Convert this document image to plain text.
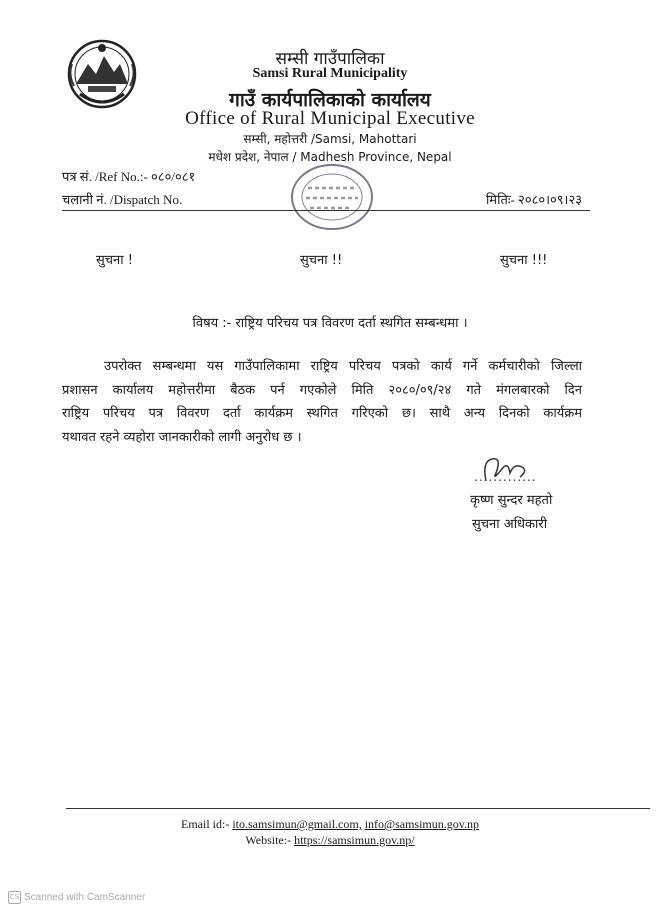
सम्सी गाउँपालिका
Samsi Rural Municipality
गाउँ कार्यपालिकाको कार्यालय
Office of Rural Municipal Executive
सम्सी, महोत्तरी /Samsi, Mahottari
मधेश प्रदेश, नेपाल / Madhesh Province, Nepal
पत्र सं. /Ref No.:- ०८०/०८१
चलानी नं. /Dispatch No.	मितिः- २०८०।०९।२३
सुचना !	सुचना !!	सुचना !!!
विषय :- राष्ट्रिय परिचय पत्र विवरण दर्ता स्थगित सम्बन्धमा ।
उपरोक्त सम्बन्धमा यस गाउँपालिकामा राष्ट्रिय परिचय पत्रको कार्य गर्ने कर्मचारीको जिल्ला
प्रशासन कार्यालय महोत्तरीमा बैठक पर्न गएकोले मिति २०८०/०९/२४ गते मंगलबारको दिन
राष्ट्रिय परिचय पत्र विवरण दर्ता कार्यक्रम स्थगित गरिएको छ। साथै अन्य दिनको कार्यक्रम
यथावत रहने व्यहोरा जानकारीको लागी अनुरोध छ ।
.............
कृष्ण सुन्दर महतो
सुचना अधिकारी
Email id:- ito.samsimun@gmail.com, info@samsimun.gov.np
Website:- https://samsimun.gov.np/
CS Scanned with CamScanner
